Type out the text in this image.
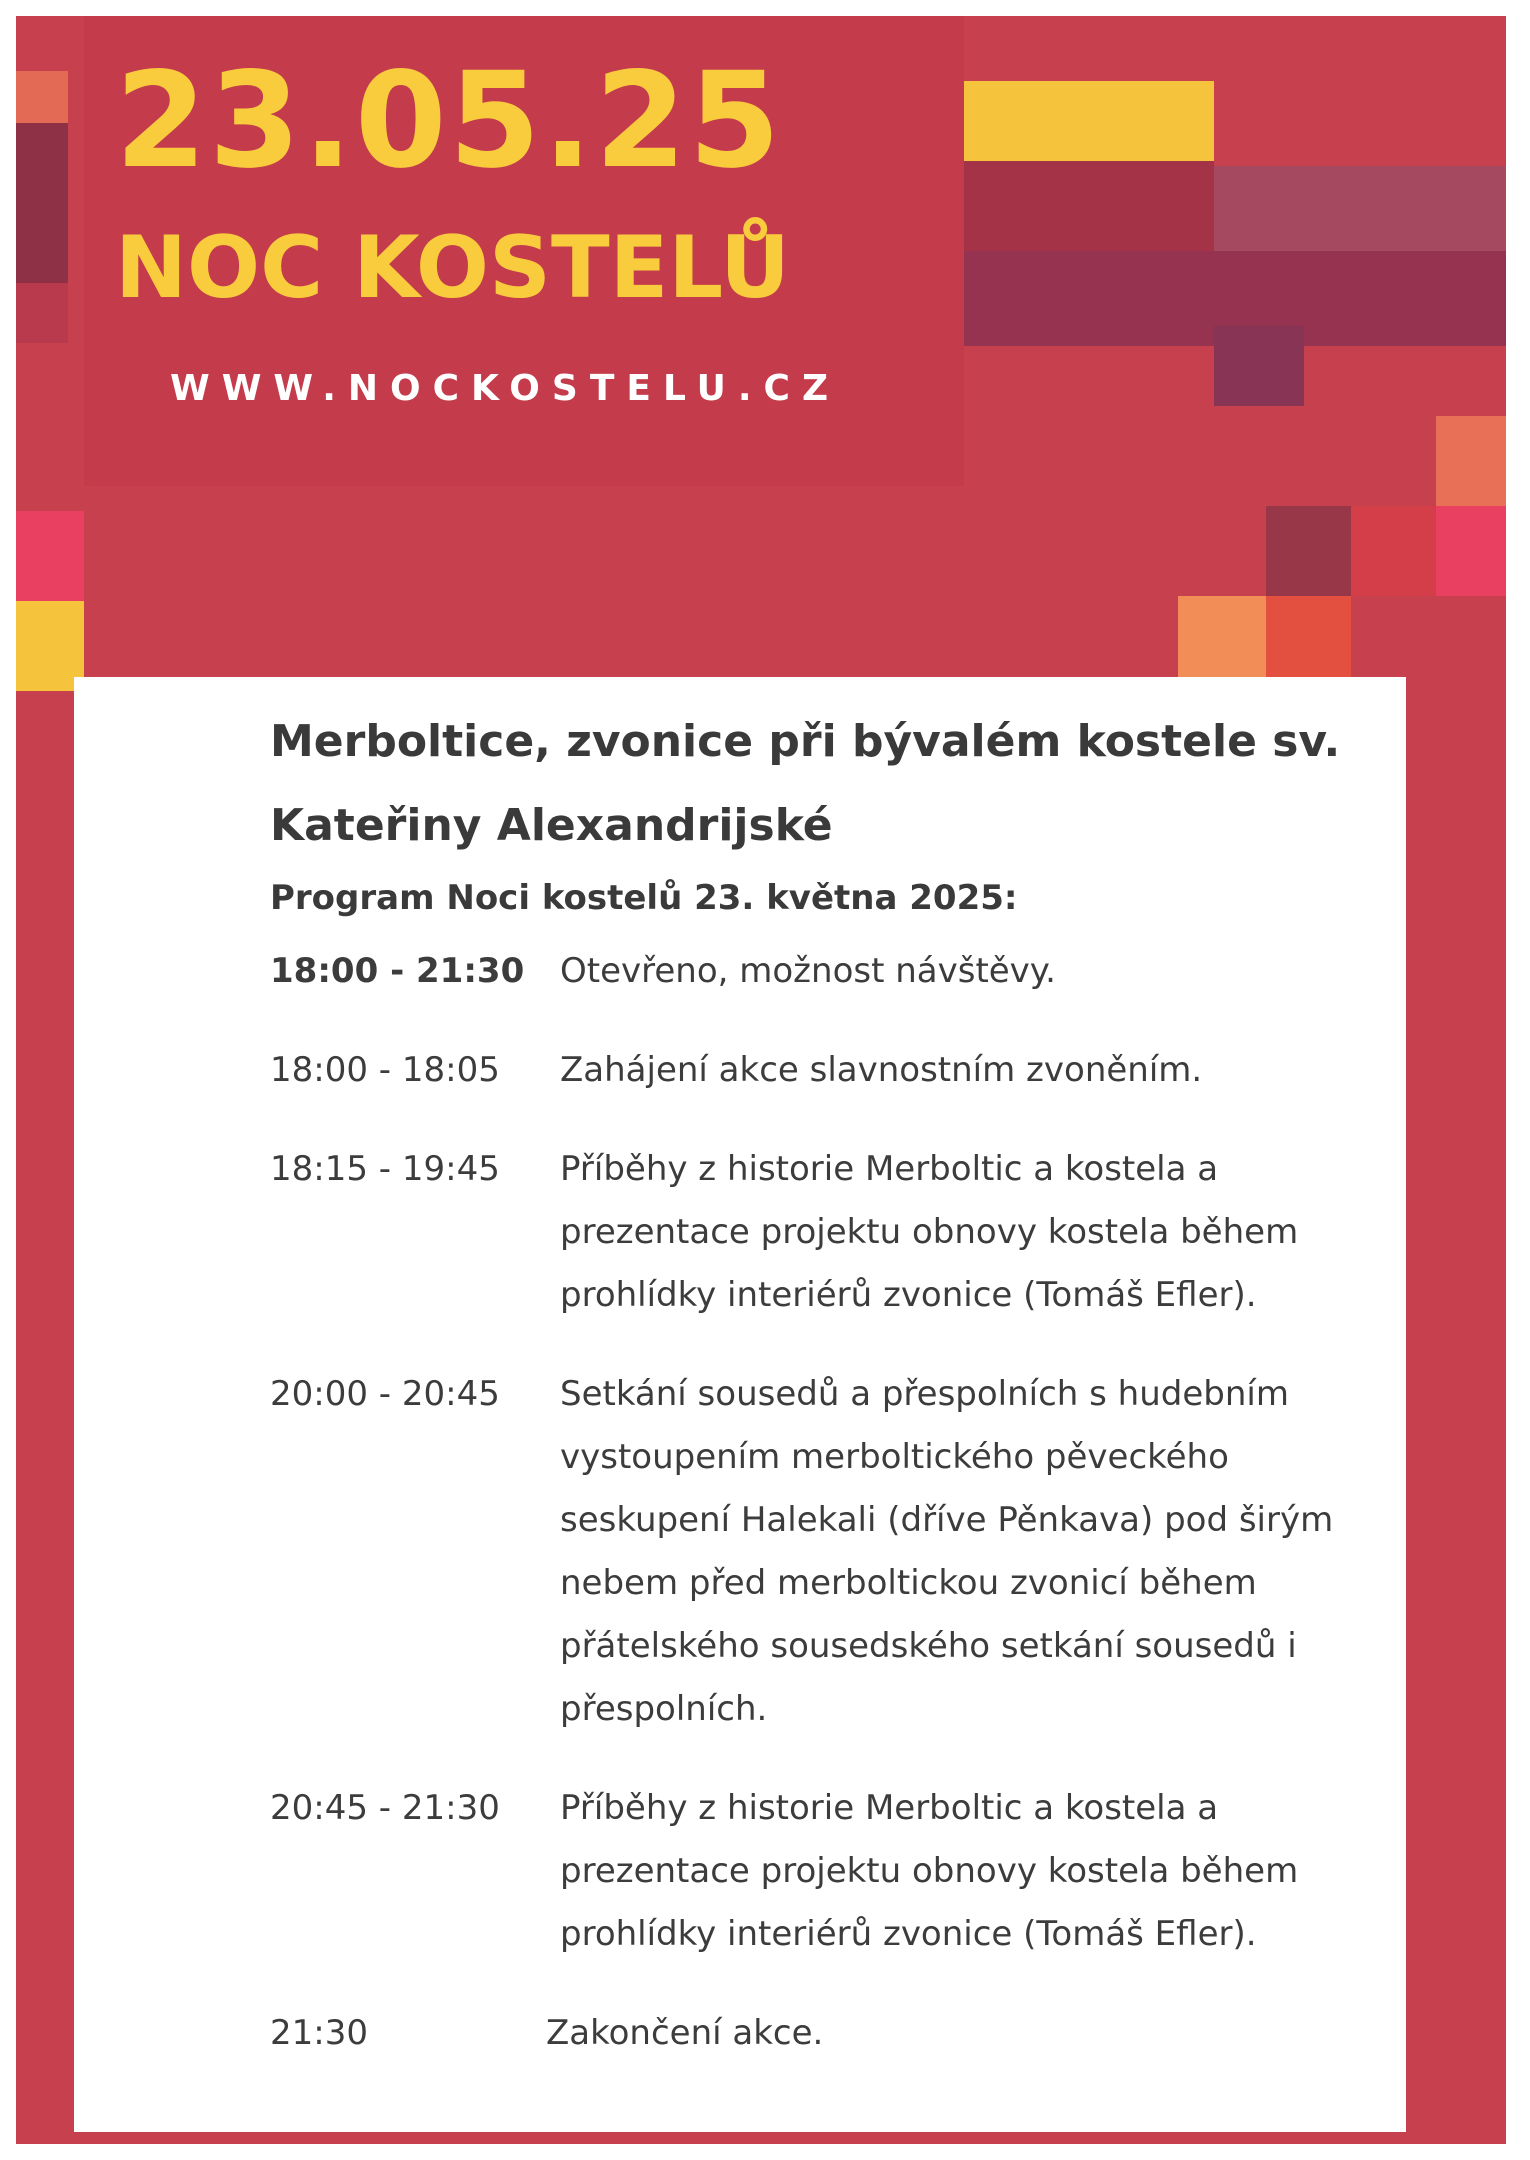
23.05.25
NOC KOSTELŮ
WWW.NOCKOSTELU.CZ

Merboltice, zvonice při bývalém kostele sv. Kateřiny Alexandrijské

Program Noci kostelů 23. května 2025:

18:00 - 21:30	Otevřeno, možnost návštěvy.
18:00 - 18:05	Zahájení akce slavnostním zvoněním.
18:15 - 19:45	Příběhy z historie Merboltic a kostela a prezentace projektu obnovy kostela během prohlídky interiérů zvonice (Tomáš Efler).
20:00 - 20:45	Setkání sousedů a přespolních s hudebním vystoupením merboltického pěveckého seskupení Halekali (dříve Pěnkava) pod širým nebem před merboltickou zvonicí během přátelského sousedského setkání sousedů i přespolních.
20:45 - 21:30	Příběhy z historie Merboltic a kostela a prezentace projektu obnovy kostela během prohlídky interiérů zvonice (Tomáš Efler).
21:30	Zakončení akce.
